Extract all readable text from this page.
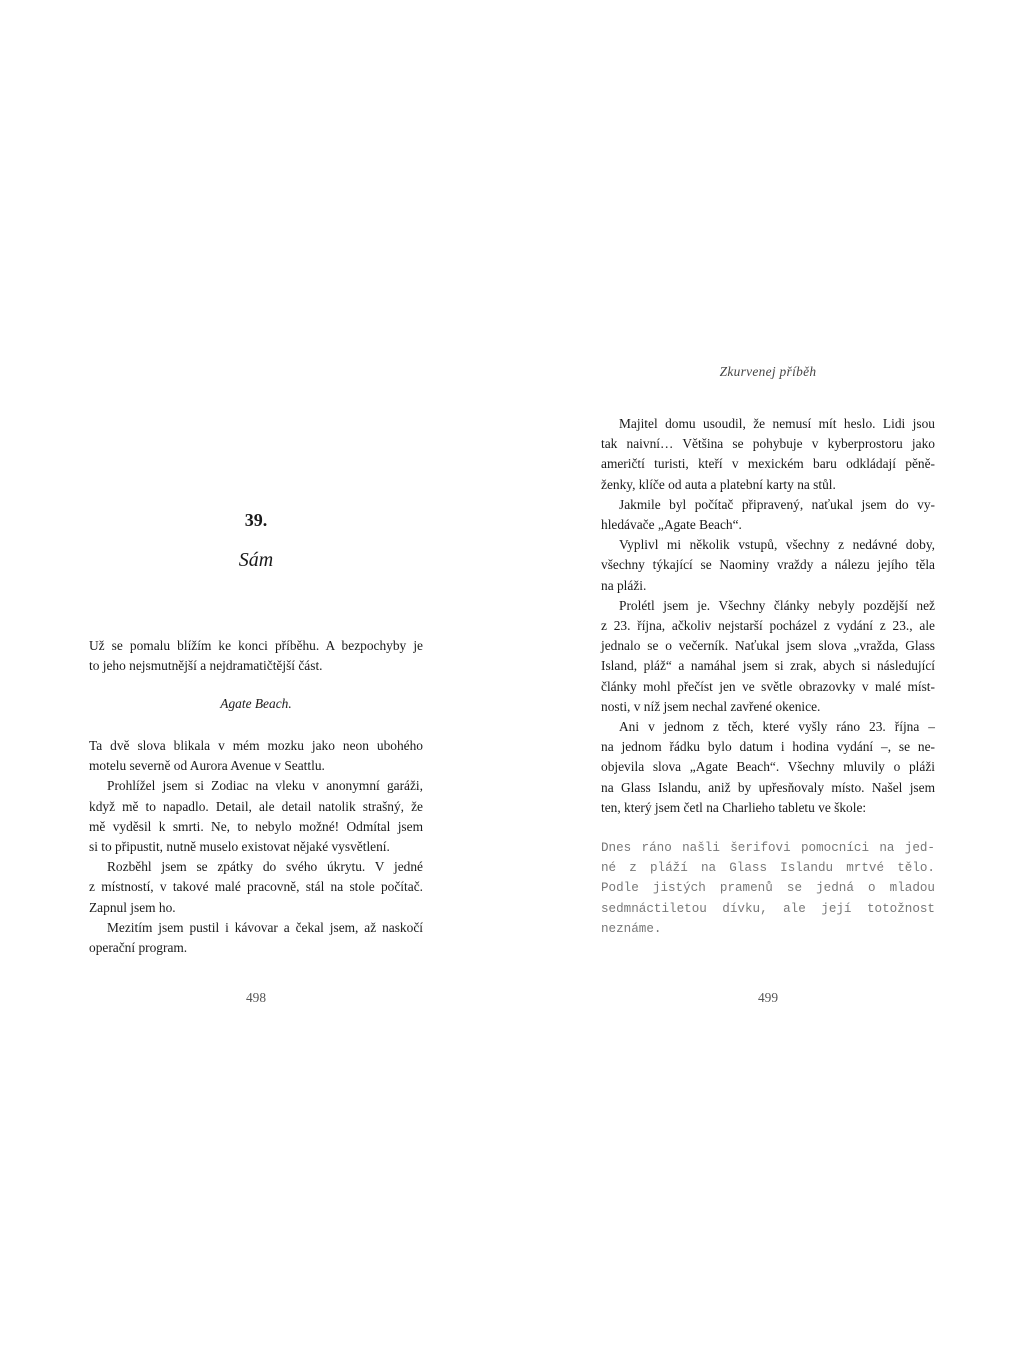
39.
Sám
Už se pomalu blížím ke konci příběhu. A bezpochyby je
to jeho nejsmutnější a nejdramatičtější část.
Agate Beach.
Ta dvě slova blikala v mém mozku jako neon ubohého
motelu severně od Aurora Avenue v Seattlu.
Prohlížel jsem si Zodiac na vleku v anonymní garáži,
když mě to napadlo. Detail, ale detail natolik strašný, že
mě vyděsil k smrti. Ne, to nebylo možné! Odmítal jsem
si to připustit, nutně muselo existovat nějaké vysvětlení.
Rozběhl jsem se zpátky do svého úkrytu. V jedné
z místností, v takové malé pracovně, stál na stole počítač.
Zapnul jsem ho.
Mezitím jsem pustil i kávovar a čekal jsem, až naskočí
operační program.
498
Zkurvenej příběh
Majitel domu usoudil, že nemusí mít heslo. Lidi jsou
tak naivní… Většina se pohybuje v kyberprostoru jako
američtí turisti, kteří v mexickém baru odkládají pěně-
ženky, klíče od auta a platební karty na stůl.
Jakmile byl počítač připravený, naťukal jsem do vy-
hledávače „Agate Beach“.
Vyplivl mi několik vstupů, všechny z nedávné doby,
všechny týkající se Naominy vraždy a nálezu jejího těla
na pláži.
Prolétl jsem je. Všechny články nebyly pozdější než
z 23. října, ačkoliv nejstarší pocházel z vydání z 23., ale
jednalo se o večerník. Naťukal jsem slova „vražda, Glass
Island, pláž“ a namáhal jsem si zrak, abych si následující
články mohl přečíst jen ve světle obrazovky v malé míst-
nosti, v níž jsem nechal zavřené okenice.
Ani v jednom z těch, které vyšly ráno 23. října –
na jednom řádku bylo datum i hodina vydání –, se ne-
objevila slova „Agate Beach“. Všechny mluvily o pláži
na Glass Islandu, aniž by upřesňovaly místo. Našel jsem
ten, který jsem četl na Charlieho tabletu ve škole:
Dnes ráno našli šerifovi pomocníci na jed-
né z pláží na Glass Islandu mrtvé tělo.
Podle jistých pramenů se jedná o mladou
sedmnáctiletou dívku, ale její totožnost
neznáme.
499
